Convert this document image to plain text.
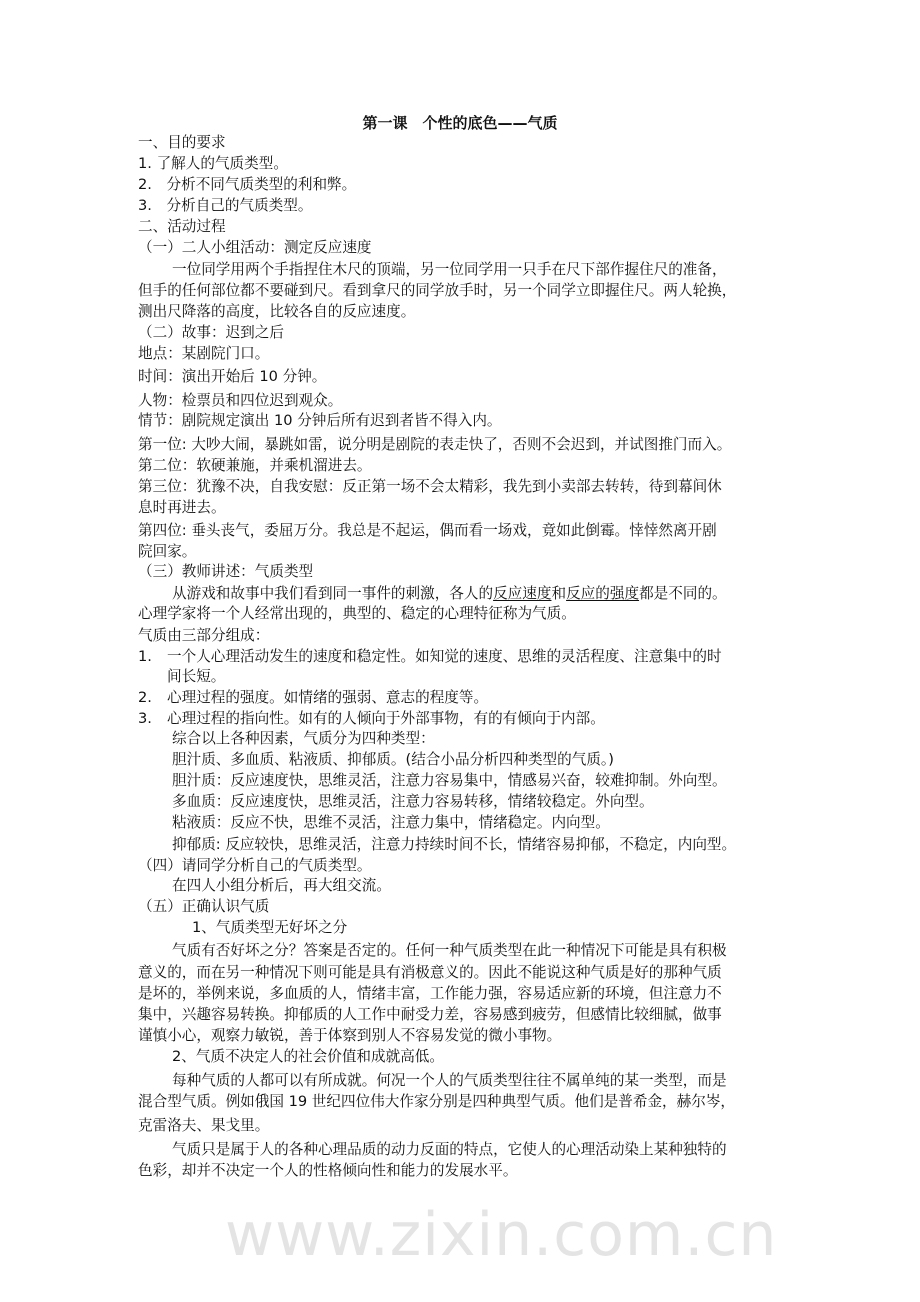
www.zixin.com.cn
第一课　个性的底色——气质
一、目的要求
1. 了解人的气质类型。
2.　分析不同气质类型的利和弊。
3.　分析自己的气质类型。
二、活动过程
（一）二人小组活动：测定反应速度
一位同学用两个手指捏住木尺的顶端，另一位同学用一只手在尺下部作握住尺的准备，
但手的任何部位都不要碰到尺。看到拿尺的同学放手时，另一个同学立即握住尺。两人轮换，
测出尺降落的高度，比较各自的反应速度。
（二）故事：迟到之后
地点：某剧院门口。
时间：演出开始后 10 分钟。
人物：检票员和四位迟到观众。
情节：剧院规定演出 10 分钟后所有迟到者皆不得入内。
第一位: 大吵大闹，暴跳如雷，说分明是剧院的表走快了，否则不会迟到，并试图推门而入。
第二位：软硬兼施，并乘机溜进去。
第三位：犹豫不决，自我安慰：反正第一场不会太精彩，我先到小卖部去转转，待到幕间休
息时再进去。
第四位: 垂头丧气，委屈万分。我总是不起运，偶而看一场戏，竟如此倒霉。悻悻然离开剧
院回家。
（三）教师讲述：气质类型
从游戏和故事中我们看到同一事件的刺激，各人的反应速度和反应的强度都是不同的。
心理学家将一个人经常出现的，典型的、稳定的心理特征称为气质。
气质由三部分组成：
1. 一个人心理活动发生的速度和稳定性。如知觉的速度、思维的灵活程度、注意集中的时
间长短。
2. 心理过程的强度。如情绪的强弱、意志的程度等。
3. 心理过程的指向性。如有的人倾向于外部事物，有的有倾向于内部。
综合以上各种因素，气质分为四种类型：
胆汁质、多血质、粘液质、抑郁质。(结合小品分析四种类型的气质。)
胆汁质：反应速度快，思维灵活，注意力容易集中，情感易兴奋，较难抑制。外向型。
多血质：反应速度快，思维灵活，注意力容易转移，情绪较稳定。外向型。
粘液质：反应不快，思维不灵活，注意力集中，情绪稳定。内向型。
抑郁质: 反应较快，思维灵活，注意力持续时间不长，情绪容易抑郁，不稳定，内向型。
（四）请同学分析自己的气质类型。
在四人小组分析后，再大组交流。
（五）正确认识气质
1、气质类型无好坏之分
气质有否好坏之分？答案是否定的。任何一种气质类型在此一种情况下可能是具有积极
意义的，而在另一种情况下则可能是具有消极意义的。因此不能说这种气质是好的那种气质
是坏的，举例来说，多血质的人，情绪丰富，工作能力强，容易适应新的环境，但注意力不
集中，兴趣容易转换。抑郁质的人工作中耐受力差，容易感到疲劳，但感情比较细腻，做事
谨慎小心，观察力敏锐，善于体察到别人不容易发觉的微小事物。
2、气质不决定人的社会价值和成就高低。
每种气质的人都可以有所成就。何况一个人的气质类型往往不属单纯的某一类型，而是
混合型气质。例如俄国 19 世纪四位伟大作家分别是四种典型气质。他们是普希金，赫尔岑，
克雷洛夫、果戈里。
气质只是属于人的各种心理品质的动力反面的特点，它使人的心理活动染上某种独特的
色彩，却并不决定一个人的性格倾向性和能力的发展水平。
